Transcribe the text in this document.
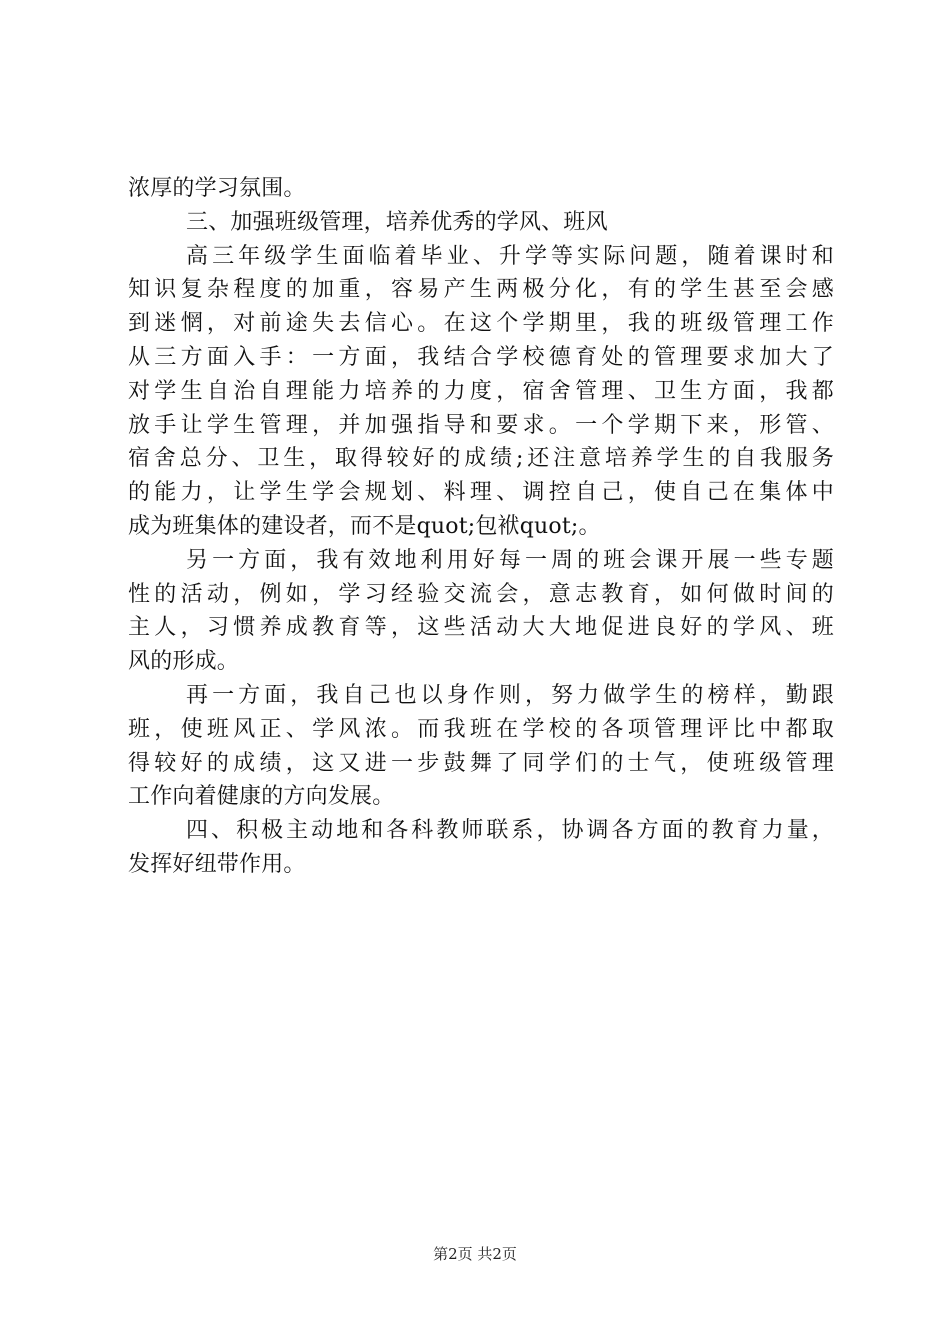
浓厚的学习氛围。
三、加强班级管理，培养优秀的学风、班风
高三年级学生面临着毕业、升学等实际问题，随着课时和
知识复杂程度的加重，容易产生两极分化，有的学生甚至会感
到迷惘，对前途失去信心。在这个学期里，我的班级管理工作
从三方面入手：一方面，我结合学校德育处的管理要求加大了
对学生自治自理能力培养的力度，宿舍管理、卫生方面，我都
放手让学生管理，并加强指导和要求。一个学期下来，形管、
宿舍总分、卫生，取得较好的成绩;还注意培养学生的自我服务
的能力，让学生学会规划、料理、调控自己，使自己在集体中
成为班集体的建设者，而不是quot;包袱quot;。
另一方面，我有效地利用好每一周的班会课开展一些专题
性的活动，例如，学习经验交流会，意志教育，如何做时间的
主人，习惯养成教育等，这些活动大大地促进良好的学风、班
风的形成。
再一方面，我自己也以身作则，努力做学生的榜样，勤跟
班，使班风正、学风浓。而我班在学校的各项管理评比中都取
得较好的成绩，这又进一步鼓舞了同学们的士气，使班级管理
工作向着健康的方向发展。
四、积极主动地和各科教师联系，协调各方面的教育力量，
发挥好纽带作用。
第2页 共2页
